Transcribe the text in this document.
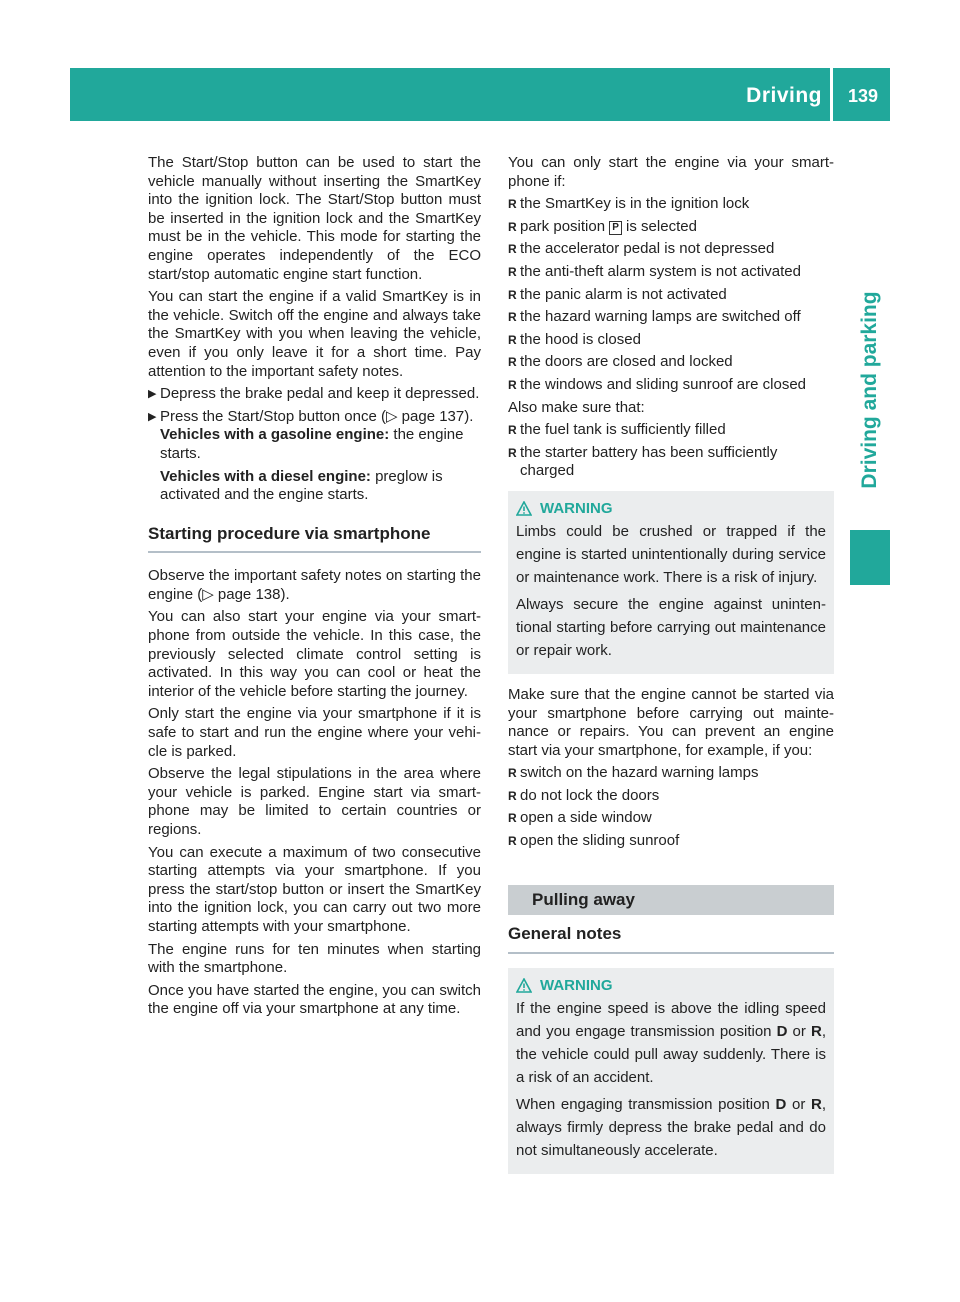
Driving 139
Driving and parking

The Start/Stop button can be used to start the vehicle manually without inserting the SmartKey into the ignition lock. The Start/Stop button must be inserted in the ignition lock and the SmartKey must be in the vehicle. This mode for starting the engine operates independently of the ECO start/stop automatic engine start function.

You can start the engine if a valid SmartKey is in the vehicle. Switch off the engine and always take the SmartKey with you when leaving the vehicle, even if you only leave it for a short time. Pay attention to the important safety notes.

▶ Depress the brake pedal and keep it depressed.
▶ Press the Start/Stop button once (▷ page 137).
Vehicles with a gasoline engine: the engine starts.
Vehicles with a diesel engine: preglow is activated and the engine starts.
Starting procedure via smartphone

Observe the important safety notes on starting the engine (▷ page 138).

You can also start your engine via your smartphone from outside the vehicle. In this case, the previously selected climate control setting is activated. In this way you can cool or heat the interior of the vehicle before starting the journey.

Only start the engine via your smartphone if it is safe to start and run the engine where your vehicle is parked.

Observe the legal stipulations in the area where your vehicle is parked. Engine start via smartphone may be limited to certain countries or regions.

You can execute a maximum of two consecutive starting attempts via your smartphone. If you press the start/stop button or insert the SmartKey into the ignition lock, you can carry out two more starting attempts with your smartphone.

The engine runs for ten minutes when starting with the smartphone.

Once you have started the engine, you can switch the engine off via your smartphone at any time.

You can only start the engine via your smartphone if:

R the SmartKey is in the ignition lock
R park position P is selected
R the accelerator pedal is not depressed
R the anti-theft alarm system is not activated
R the panic alarm is not activated
R the hazard warning lamps are switched off
R the hood is closed
R the doors are closed and locked
R the windows and sliding sunroof are closed

Also make sure that:

R the fuel tank is sufficiently filled
R the starter battery has been sufficiently charged
WARNING

Limbs could be crushed or trapped if the engine is started unintentionally during service or maintenance work. There is a risk of injury.

Always secure the engine against unintentional starting before carrying out maintenance or repair work.

Make sure that the engine cannot be started via your smartphone before carrying out maintenance or repairs. You can prevent an engine start via your smartphone, for example, if you:

R switch on the hazard warning lamps
R do not lock the doors
R open a side window
R open the sliding sunroof
Pulling away
General notes
WARNING

If the engine speed is above the idling speed and you engage transmission position D or R, the vehicle could pull away suddenly. There is a risk of an accident.

When engaging transmission position D or R, always firmly depress the brake pedal and do not simultaneously accelerate.
